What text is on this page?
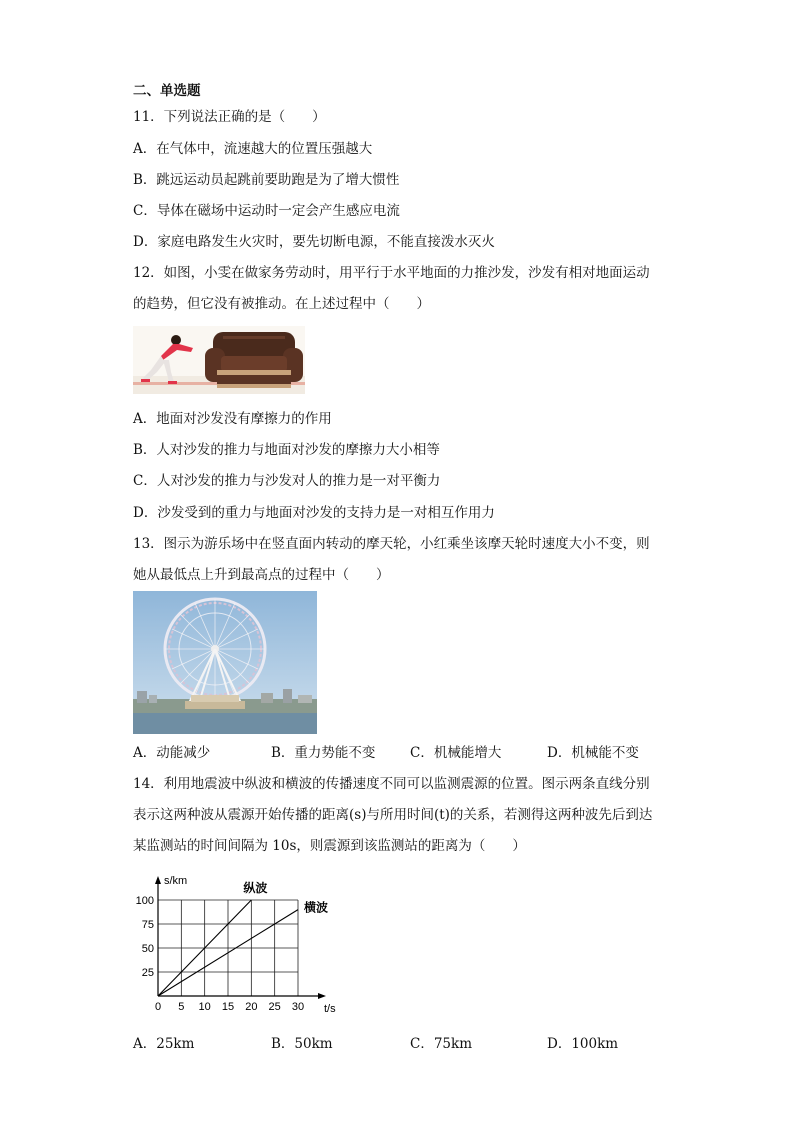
二、单选题
11．下列说法正确的是（　　）
A．在气体中，流速越大的位置压强越大
B．跳远运动员起跳前要助跑是为了增大惯性
C．导体在磁场中运动时一定会产生感应电流
D．家庭电路发生火灾时，要先切断电源，不能直接泼水灭火
12．如图，小雯在做家务劳动时，用平行于水平地面的力推沙发，沙发有相对地面运动
的趋势，但它没有被推动。在上述过程中（　　）
A．地面对沙发没有摩擦力的作用
B．人对沙发的推力与地面对沙发的摩擦力大小相等
C．人对沙发的推力与沙发对人的推力是一对平衡力
D．沙发受到的重力与地面对沙发的支持力是一对相互作用力
13．图示为游乐场中在竖直面内转动的摩天轮，小红乘坐该摩天轮时速度大小不变，则
她从最低点上升到最高点的过程中（　　）
A．动能减少	B．重力势能不变	C．机械能增大	D．机械能不变
14．利用地震波中纵波和横波的传播速度不同可以监测震源的位置。图示两条直线分别
表示这两种波从震源开始传播的距离(s)与所用时间(t)的关系，若测得这两种波先后到达
某监测站的时间间隔为 10s，则震源到该监测站的距离为（　　）
0 5 10 15 20 25 30
25
50
75
100
t/s
s/km	纵波
横波
A．25km	B．50km	C．75km	D．100km
